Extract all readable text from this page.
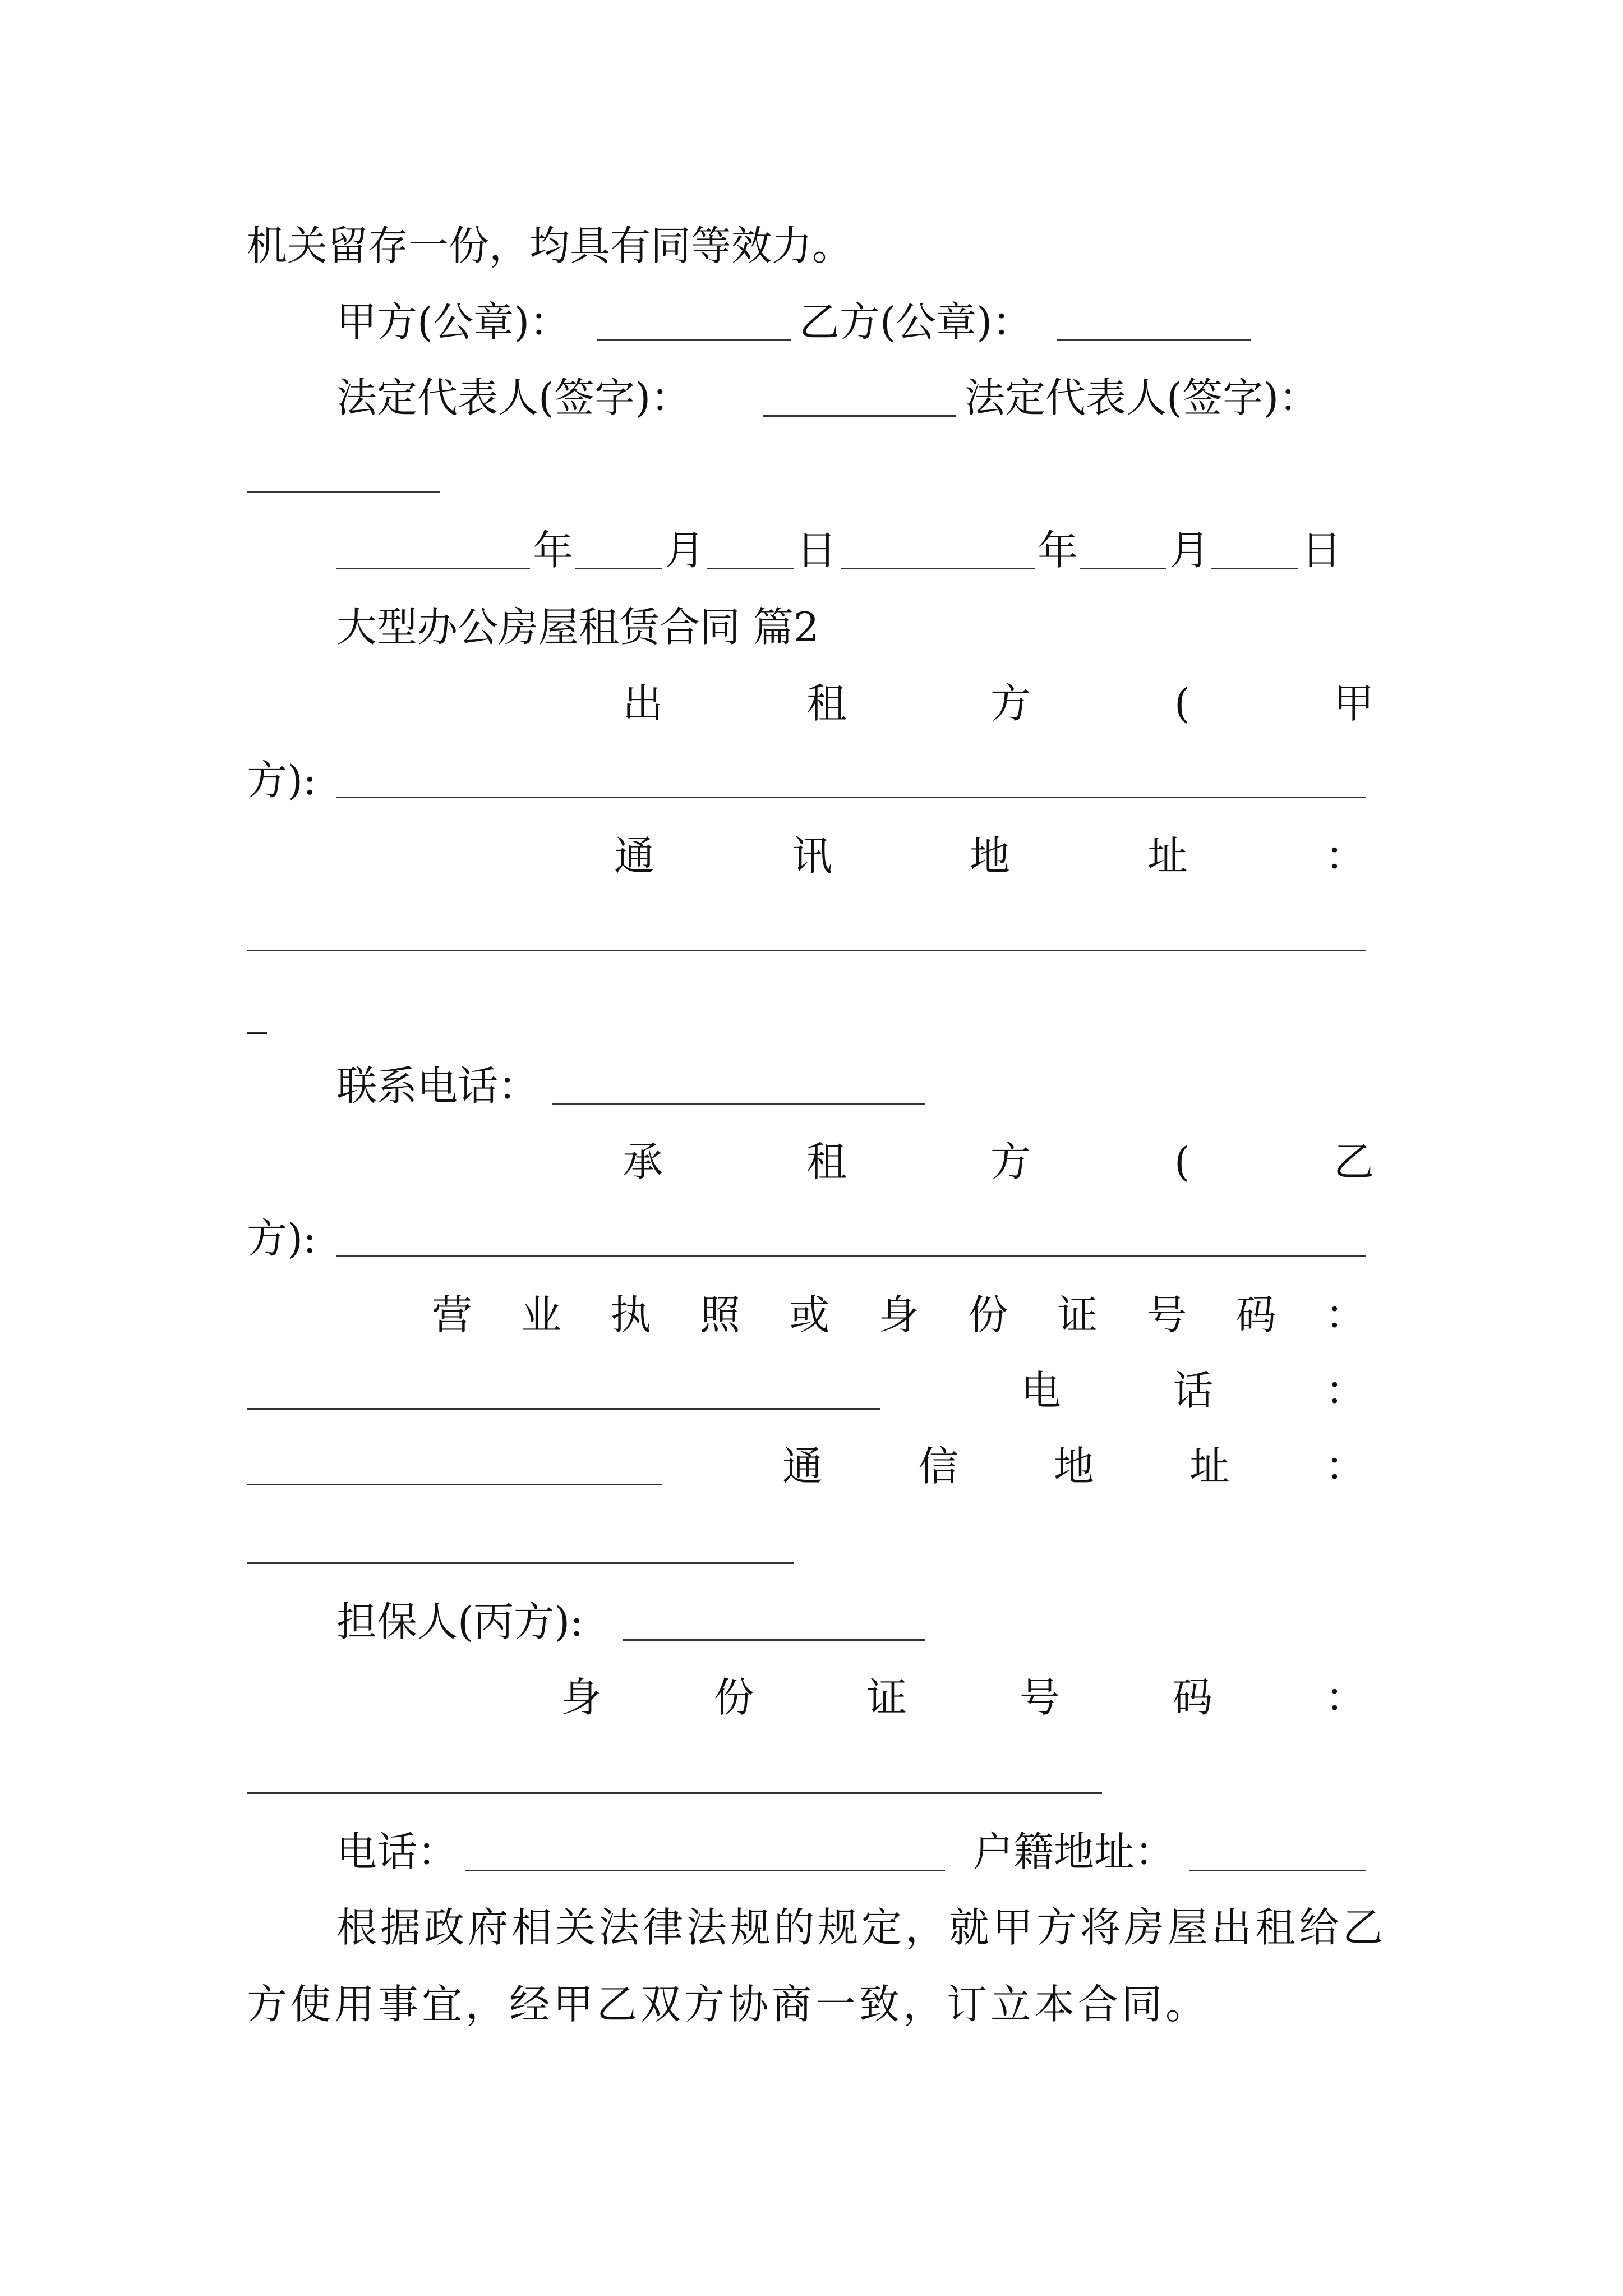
机关留存一份，均具有同等效力。
甲方(公章)：	乙方(公章)：
法定代表人(签字)：	法定代表人(签字)：
年 月 日	年 月 日
大型办公房屋租赁合同 篇2
出	租	方	(	甲
方):
通	讯	地	址	：
_
联系电话：
承	租	方	(	乙
方):
营 业 执 照 或 身 份 证 号 码 ：
电	话	：
通 信 地 址 ：
担保人(丙方):
身	份	证	号	码	：
电话：	户籍地址：
根据政府相关法律法规的规定，就甲方将房屋出租给乙
方使用事宜，经甲乙双方协商一致，订立本合同。
